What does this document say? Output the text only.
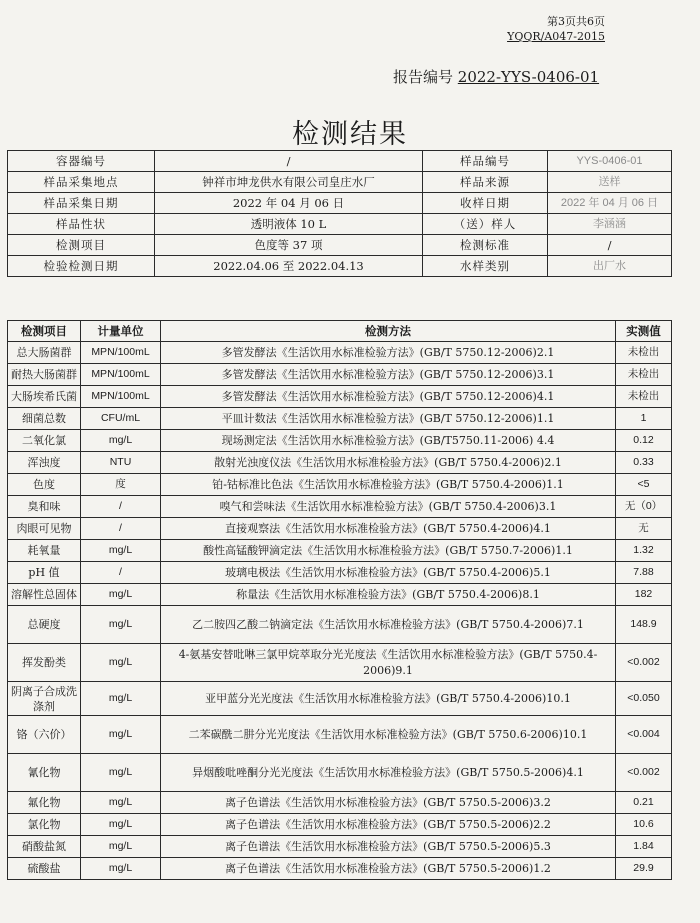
第3页共6页
YQQR/A047-2015
报告编号 2022-YYS-0406-01
检测结果
容器编号	/	样品编号	YYS-0406-01
样品采集地点	钟祥市坤龙供水有限公司皇庄水厂	样品来源	送样
样品采集日期	2022 年 04 月 06 日	收样日期	2022 年 04 月 06 日
样品性状	透明液体 10 L	（送）样人	李涵涵
检测项目	色度等 37 项	检测标准	/
检验检测日期	2022.04.06 至 2022.04.13	水样类别	出厂水
检测项目	计量单位	检测方法	实测值
总大肠菌群	MPN/100mL	多管发酵法《生活饮用水标准检验方法》(GB/T 5750.12-2006)2.1	未检出
耐热大肠菌群	MPN/100mL	多管发酵法《生活饮用水标准检验方法》(GB/T 5750.12-2006)3.1	未检出
大肠埃希氏菌	MPN/100mL	多管发酵法《生活饮用水标准检验方法》(GB/T 5750.12-2006)4.1	未检出
细菌总数	CFU/mL	平皿计数法《生活饮用水标准检验方法》(GB/T 5750.12-2006)1.1	1
二氧化氯	mg/L	现场测定法《生活饮用水标准检验方法》(GB/T5750.11-2006) 4.4	0.12
浑浊度	NTU	散射光浊度仪法《生活饮用水标准检验方法》(GB/T 5750.4-2006)2.1	0.33
色度	度	铂-钴标准比色法《生活饮用水标准检验方法》(GB/T 5750.4-2006)1.1	<5
臭和味	/	嗅气和尝味法《生活饮用水标准检验方法》(GB/T 5750.4-2006)3.1	无（0）
肉眼可见物	/	直接观察法《生活饮用水标准检验方法》(GB/T 5750.4-2006)4.1	无
耗氧量	mg/L	酸性高锰酸钾滴定法《生活饮用水标准检验方法》(GB/T 5750.7-2006)1.1	1.32
pH 值	/	玻璃电极法《生活饮用水标准检验方法》(GB/T 5750.4-2006)5.1	7.88
溶解性总固体	mg/L	称量法《生活饮用水标准检验方法》(GB/T 5750.4-2006)8.1	182
总硬度	mg/L	乙二胺四乙酸二钠滴定法《生活饮用水标准检验方法》(GB/T 5750.4-2006)7.1	148.9
挥发酚类	mg/L	4-氨基安替吡啉三氯甲烷萃取分光光度法《生活饮用水标准检验方法》(GB/T 5750.4-2006)9.1	<0.002
阴离子合成洗涤剂	mg/L	亚甲蓝分光光度法《生活饮用水标准检验方法》(GB/T 5750.4-2006)10.1	<0.050
铬（六价）	mg/L	二苯碳酰二肼分光光度法《生活饮用水标准检验方法》(GB/T 5750.6-2006)10.1	<0.004
氰化物	mg/L	异烟酸吡唑酮分光光度法《生活饮用水标准检验方法》(GB/T 5750.5-2006)4.1	<0.002
氟化物	mg/L	离子色谱法《生活饮用水标准检验方法》(GB/T 5750.5-2006)3.2	0.21
氯化物	mg/L	离子色谱法《生活饮用水标准检验方法》(GB/T 5750.5-2006)2.2	10.6
硝酸盐氮	mg/L	离子色谱法《生活饮用水标准检验方法》(GB/T 5750.5-2006)5.3	1.84
硫酸盐	mg/L	离子色谱法《生活饮用水标准检验方法》(GB/T 5750.5-2006)1.2	29.9
